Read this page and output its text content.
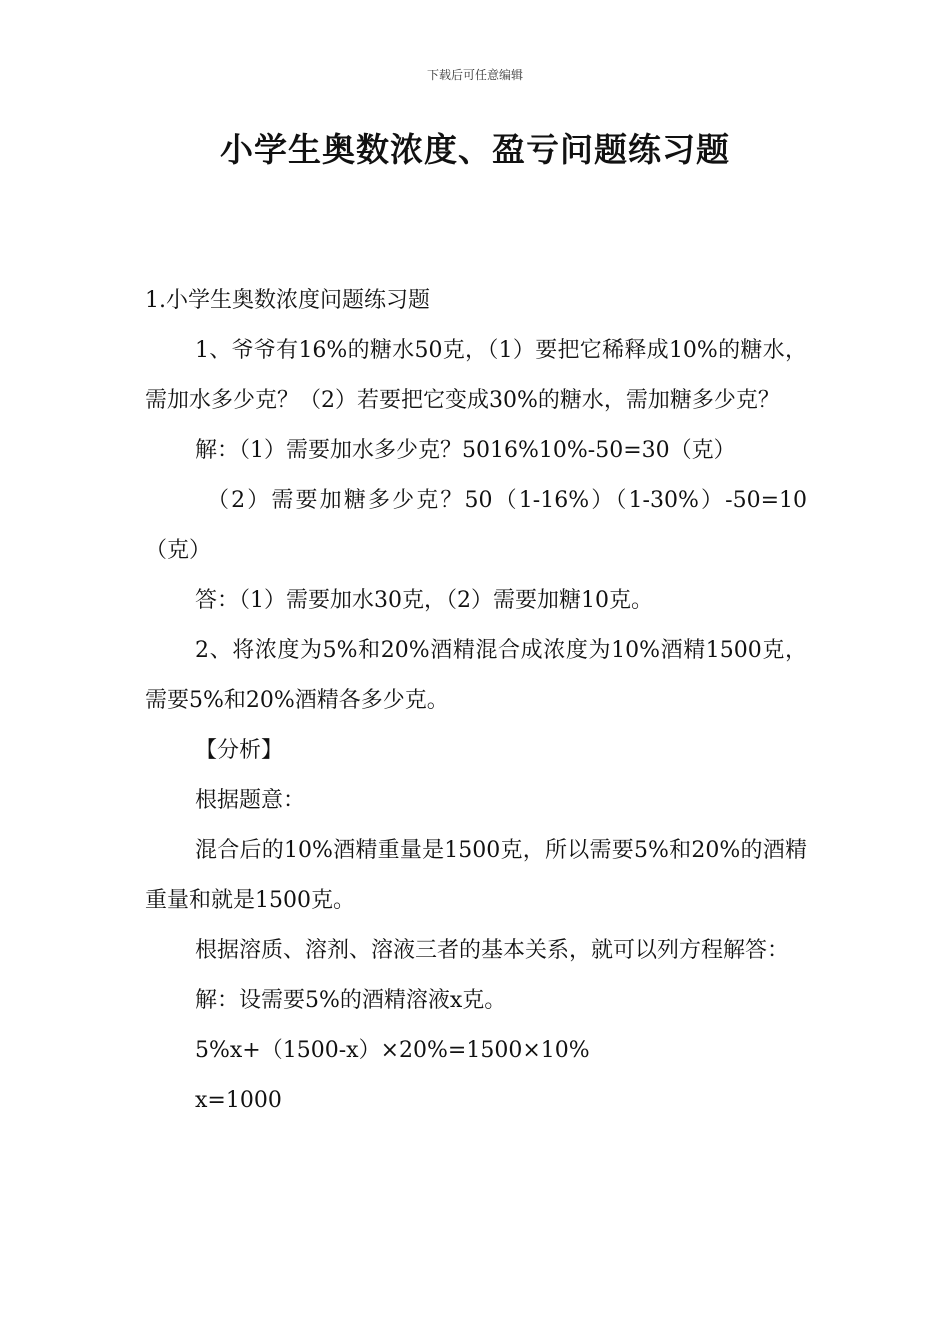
下载后可任意编辑
小学生奥数浓度、盈亏问题练习题

1.小学生奥数浓度问题练习题

1、爷爷有16%的糖水50克，（1）要把它稀释成10%的糖水，需加水多少克？（2）若要把它变成30%的糖水，需加糖多少克？

解：（1）需要加水多少克？5016%10%-50=30（克）

（2）需要加糖多少克？50（1-16%）（1-30%）-50=10（克）

答：（1）需要加水30克，（2）需要加糖10克。

2、将浓度为5%和20%酒精混合成浓度为10%酒精1500克，需要5%和20%酒精各多少克。

【分析】

根据题意：

混合后的10%酒精重量是1500克，所以需要5%和20%的酒精重量和就是1500克。

根据溶质、溶剂、溶液三者的基本关系，就可以列方程解答：

解：设需要5%的酒精溶液x克。

5%x+（1500-x）×20%=1500×10%

x=1000
